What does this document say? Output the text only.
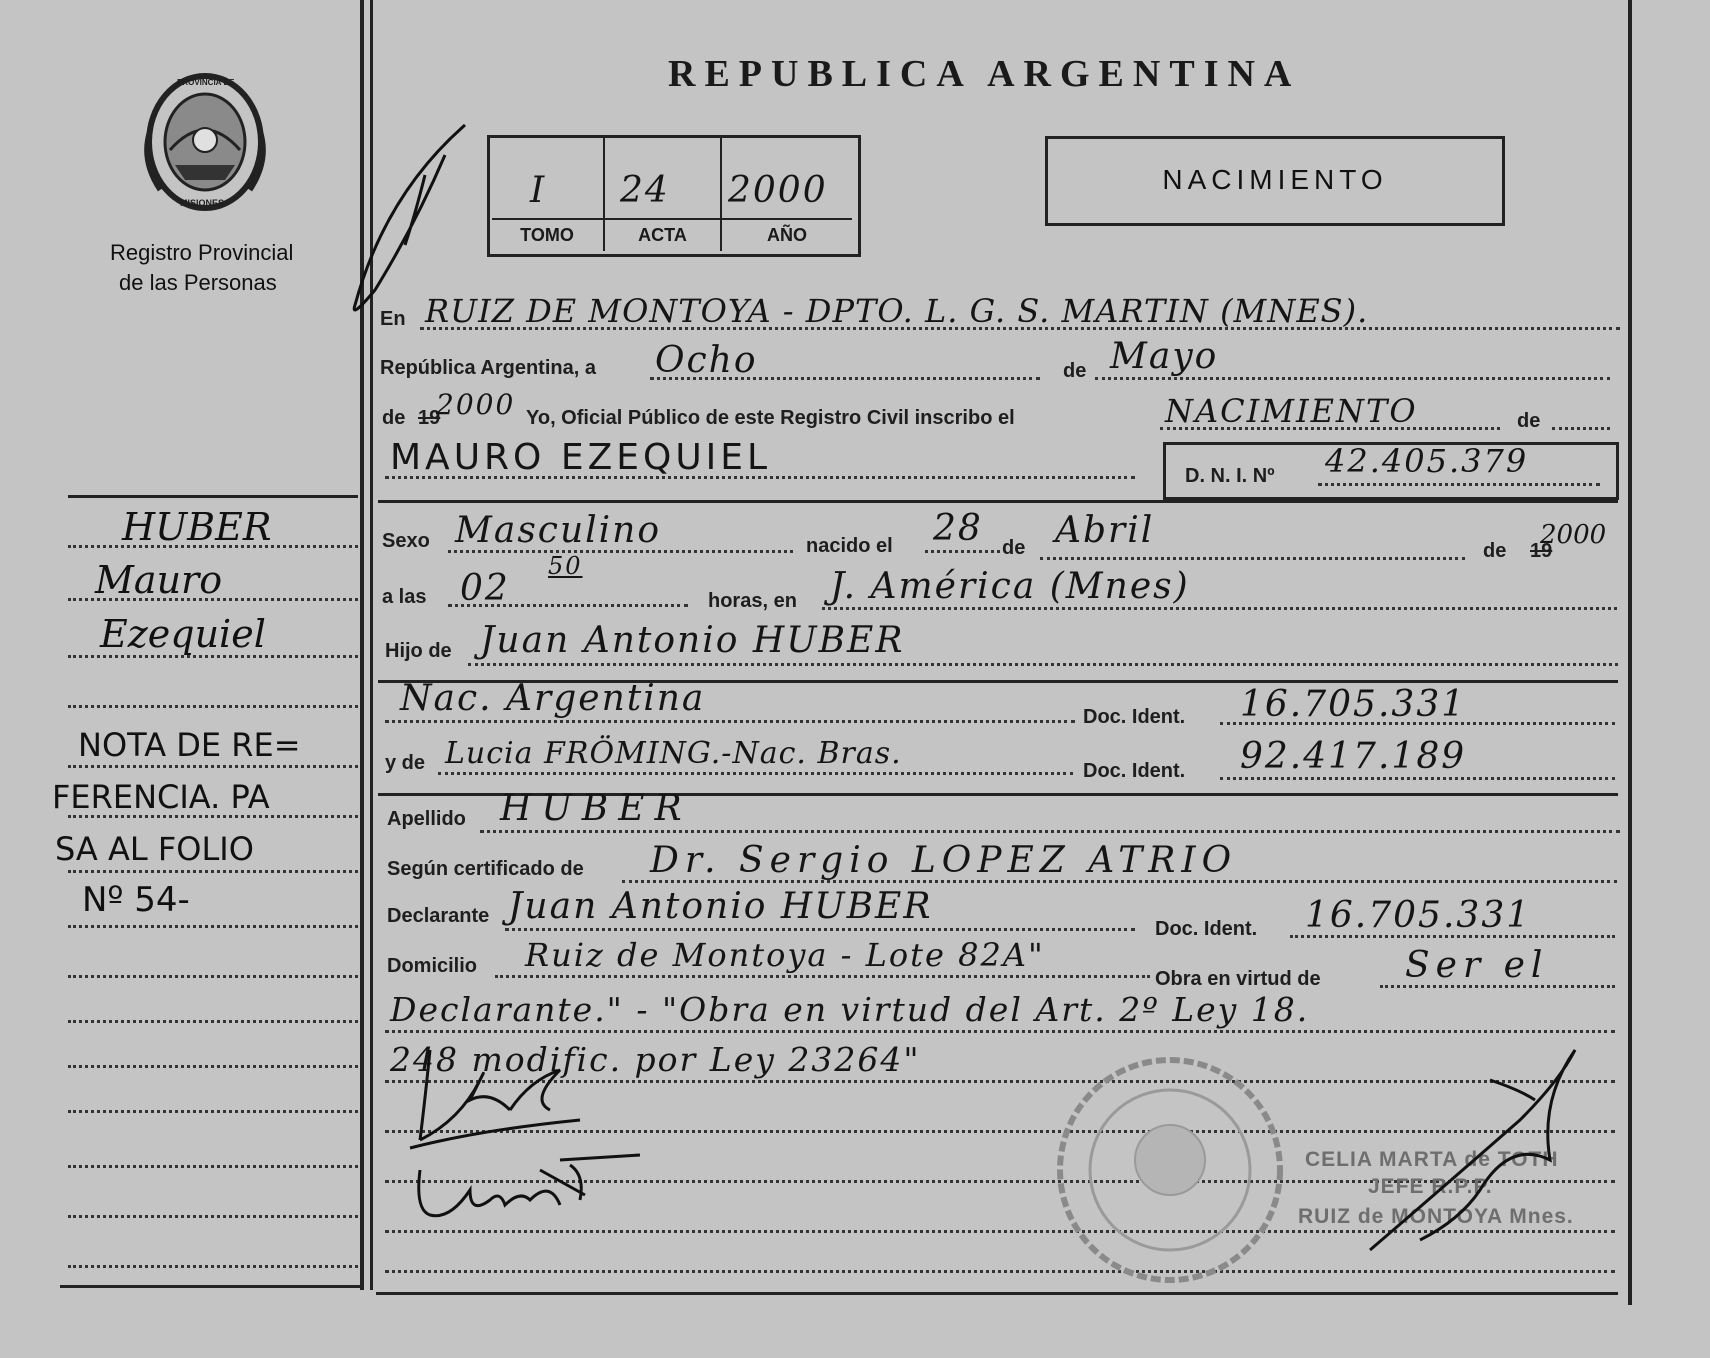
PROVINCIA DE
MISIONES
Registro Provincial
de las Personas
REPUBLICA ARGENTINA
I 24 2000
TOMO	ACTA	AÑO
NACIMIENTO
HUBER
Mauro
Ezequiel
NOTA DE RE=
FERENCIA. PA
SA AL FOLIO
Nº 54-
En RUIZ DE MONTOYA - DPTO. L. G. S. MARTIN (MNES).
República Argentina, a Ocho	de Mayo
de 19
2000 Yo, Oficial Público de este Registro Civil inscribo el	NACIMIENTO	de
MAURO EZEQUIEL	D. N. I. Nº 42.405.379
Sexo Masculino	nacido el 28 de Abril	de 19
2000
a las 02
50
horas, en J. América (Mnes)
Hijo de Juan Antonio HUBER
Nac. Argentina	Doc. Ident. 16.705.331
y de Lucia FRÖMING.-Nac. Bras.	Doc. Ident. 92.417.189
Apellido HUBER
Según certificado de Dr. Sergio LOPEZ ATRIO
Declarante Juan Antonio HUBER
Doc. Ident. 16.705.331
Domicilio Ruiz de Montoya - Lote 82A"
Obra en virtud de Ser el
Declarante." - "Obra en virtud del Art. 2º Ley 18.
248 modific. por Ley 23264"
CELIA MARTA de TOTH
JEFE R.P.P.
RUIZ de MONTOYA Mnes.
